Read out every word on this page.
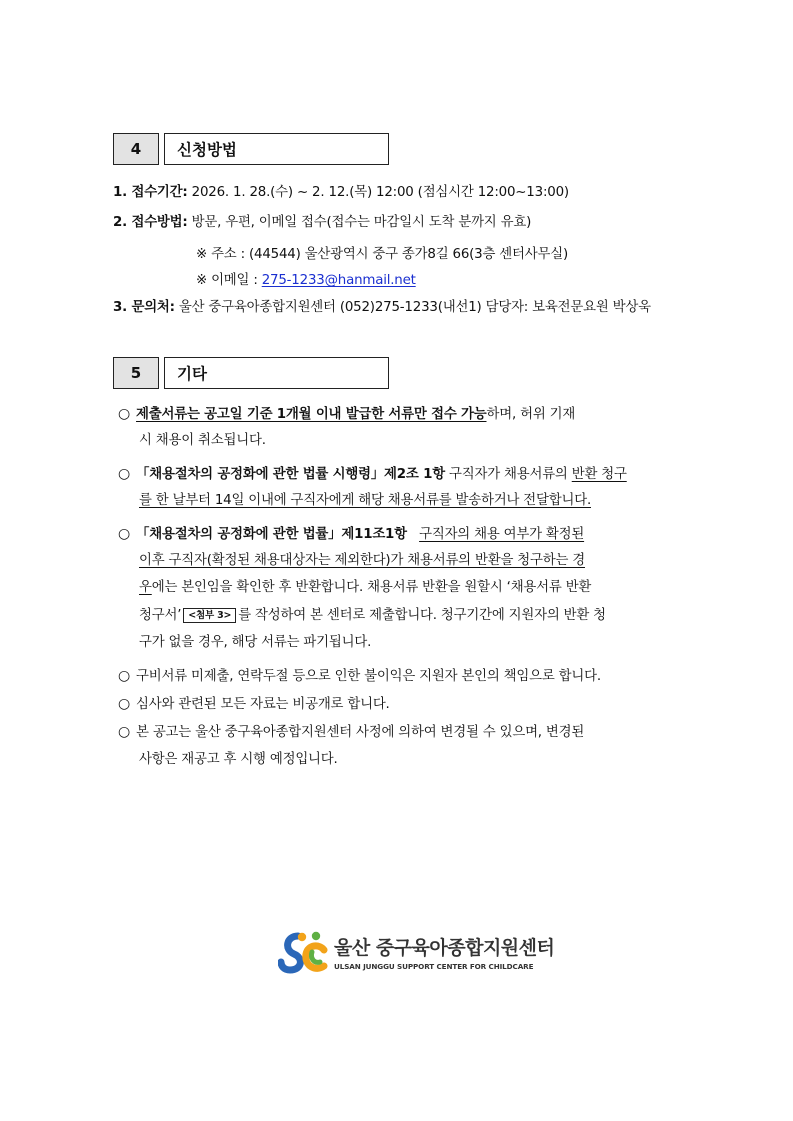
4	신청방법
1. 접수기간: 2026. 1. 28.(수) ~ 2. 12.(목) 12:00 (점심시간 12:00~13:00)
2. 접수방법: 방문, 우편, 이메일 접수(접수는 마감일시 도착 분까지 유효)
※ 주소 : (44544) 울산광역시 중구 종가8길 66(3층 센터사무실)
※ 이메일 : 275-1233@hanmail.net
3. 문의처: 울산 중구육아종합지원센터 (052)275-1233(내선1) 담당자: 보육전문요원 박상욱
5	기타
○ 제출서류는 공고일 기준 1개월 이내 발급한 서류만 접수 가능하며, 허위 기재
시 채용이 취소됩니다.
○ 「채용절차의 공정화에 관한 법률 시행령」제2조 1항 구직자가 채용서류의 반환 청구
를 한 날부터 14일 이내에 구직자에게 해당 채용서류를 발송하거나 전달합니다.
○ 「채용절차의 공정화에 관한 법률」제11조1항 구직자의 채용 여부가 확정된
이후 구직자(확정된 채용대상자는 제외한다)가 채용서류의 반환을 청구하는 경
우에는 본인임을 확인한 후 반환합니다. 채용서류 반환을 원할시 ‘채용서류 반환
청구서’ <첨부 3> 를 작성하여 본 센터로 제출합니다. 청구기간에 지원자의 반환 청
구가 없을 경우, 해당 서류는 파기됩니다.
○ 구비서류 미제출, 연락두절 등으로 인한 불이익은 지원자 본인의 책임으로 합니다.
○ 심사와 관련된 모든 자료는 비공개로 합니다.
○ 본 공고는 울산 중구육아종합지원센터 사정에 의하여 변경될 수 있으며, 변경된
사항은 재공고 후 시행 예정입니다.
울산 중구육아종합지원센터
ULSAN JUNGGU SUPPORT CENTER FOR CHILDCARE
